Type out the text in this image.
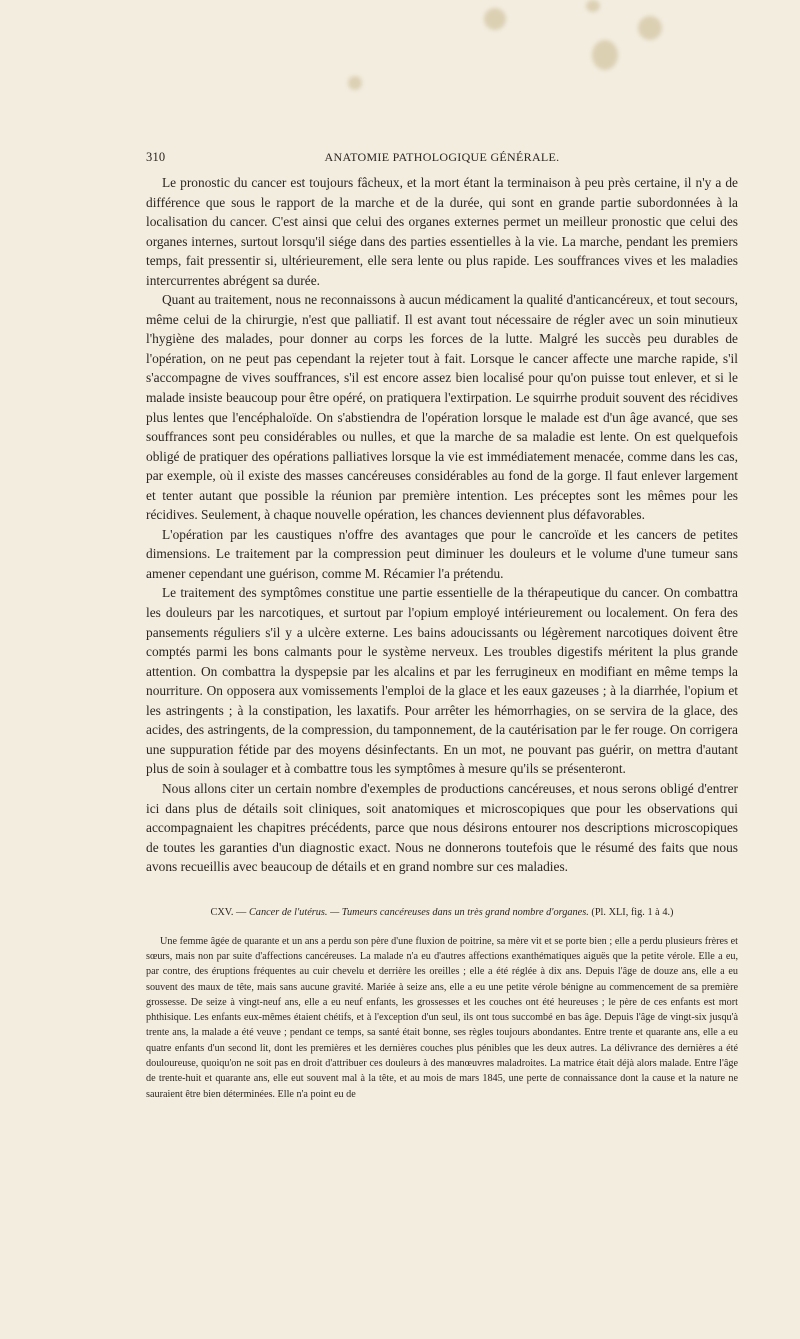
310	ANATOMIE PATHOLOGIQUE GÉNÉRALE.

Le pronostic du cancer est toujours fâcheux, et la mort étant la terminaison à peu près certaine, il n'y a de différence que sous le rapport de la marche et de la durée, qui sont en grande partie subordonnées à la localisation du cancer. C'est ainsi que celui des organes externes permet un meilleur pronostic que celui des organes internes, surtout lorsqu'il siége dans des parties essentielles à la vie. La marche, pendant les premiers temps, fait pressentir si, ultérieurement, elle sera lente ou plus rapide. Les souffrances vives et les maladies intercurrentes abrégent sa durée.

Quant au traitement, nous ne reconnaissons à aucun médicament la qualité d'anticancéreux, et tout secours, même celui de la chirurgie, n'est que palliatif. Il est avant tout nécessaire de régler avec un soin minutieux l'hygiène des malades, pour donner au corps les forces de la lutte. Malgré les succès peu durables de l'opération, on ne peut pas cependant la rejeter tout à fait. Lorsque le cancer affecte une marche rapide, s'il s'accompagne de vives souffrances, s'il est encore assez bien localisé pour qu'on puisse tout enlever, et si le malade insiste beaucoup pour être opéré, on pratiquera l'extirpation. Le squirrhe produit souvent des récidives plus lentes que l'encéphaloïde. On s'abstiendra de l'opération lorsque le malade est d'un âge avancé, que ses souffrances sont peu considérables ou nulles, et que la marche de sa maladie est lente. On est quelquefois obligé de pratiquer des opérations palliatives lorsque la vie est immédiatement menacée, comme dans les cas, par exemple, où il existe des masses cancéreuses considérables au fond de la gorge. Il faut enlever largement et tenter autant que possible la réunion par première intention. Les préceptes sont les mêmes pour les récidives. Seulement, à chaque nouvelle opération, les chances deviennent plus défavorables.

L'opération par les caustiques n'offre des avantages que pour le cancroïde et les cancers de petites dimensions. Le traitement par la compression peut diminuer les douleurs et le volume d'une tumeur sans amener cependant une guérison, comme M. Récamier l'a prétendu.

Le traitement des symptômes constitue une partie essentielle de la thérapeutique du cancer. On combattra les douleurs par les narcotiques, et surtout par l'opium employé intérieurement ou localement. On fera des pansements réguliers s'il y a ulcère externe. Les bains adoucissants ou légèrement narcotiques doivent être comptés parmi les bons calmants pour le système nerveux. Les troubles digestifs méritent la plus grande attention. On combattra la dyspepsie par les alcalins et par les ferrugineux en modifiant en même temps la nourriture. On opposera aux vomissements l'emploi de la glace et les eaux gazeuses ; à la diarrhée, l'opium et les astringents ; à la constipation, les laxatifs. Pour arrêter les hémorrhagies, on se servira de la glace, des acides, des astringents, de la compression, du tamponnement, de la cautérisation par le fer rouge. On corrigera une suppuration fétide par des moyens désinfectants. En un mot, ne pouvant pas guérir, on mettra d'autant plus de soin à soulager et à combattre tous les symptômes à mesure qu'ils se présenteront.

Nous allons citer un certain nombre d'exemples de productions cancéreuses, et nous serons obligé d'entrer ici dans plus de détails soit cliniques, soit anatomiques et microscopiques que pour les observations qui accompagnaient les chapitres précédents, parce que nous désirons entourer nos descriptions microscopiques de toutes les garanties d'un diagnostic exact. Nous ne donnerons toutefois que le résumé des faits que nous avons recueillis avec beaucoup de détails et en grand nombre sur ces maladies.

CXV. — Cancer de l'utérus. — Tumeurs cancéreuses dans un très grand nombre d'organes. (Pl. XLI, fig. 1 à 4.)

Une femme âgée de quarante et un ans a perdu son père d'une fluxion de poitrine, sa mère vit et se porte bien ; elle a perdu plusieurs frères et sœurs, mais non par suite d'affections cancéreuses. La malade n'a eu d'autres affections exanthématiques aiguës que la petite vérole. Elle a eu, par contre, des éruptions fréquentes au cuir chevelu et derrière les oreilles ; elle a été réglée à dix ans. Depuis l'âge de douze ans, elle a eu souvent des maux de tête, mais sans aucune gravité. Mariée à seize ans, elle a eu une petite vérole bénigne au commencement de sa première grossesse. De seize à vingt-neuf ans, elle a eu neuf enfants, les grossesses et les couches ont été heureuses ; le père de ces enfants est mort phthisique. Les enfants eux-mêmes étaient chétifs, et à l'exception d'un seul, ils ont tous succombé en bas âge. Depuis l'âge de vingt-six jusqu'à trente ans, la malade a été veuve ; pendant ce temps, sa santé était bonne, ses règles toujours abondantes. Entre trente et quarante ans, elle a eu quatre enfants d'un second lit, dont les premières et les dernières couches plus pénibles que les deux autres. La délivrance des dernières a été douloureuse, quoiqu'on ne soit pas en droit d'attribuer ces douleurs à des manœuvres maladroites. La matrice était déjà alors malade. Entre l'âge de trente-huit et quarante ans, elle eut souvent mal à la tête, et au mois de mars 1845, une perte de connaissance dont la cause et la nature ne sauraient être bien déterminées. Elle n'a point eu de
